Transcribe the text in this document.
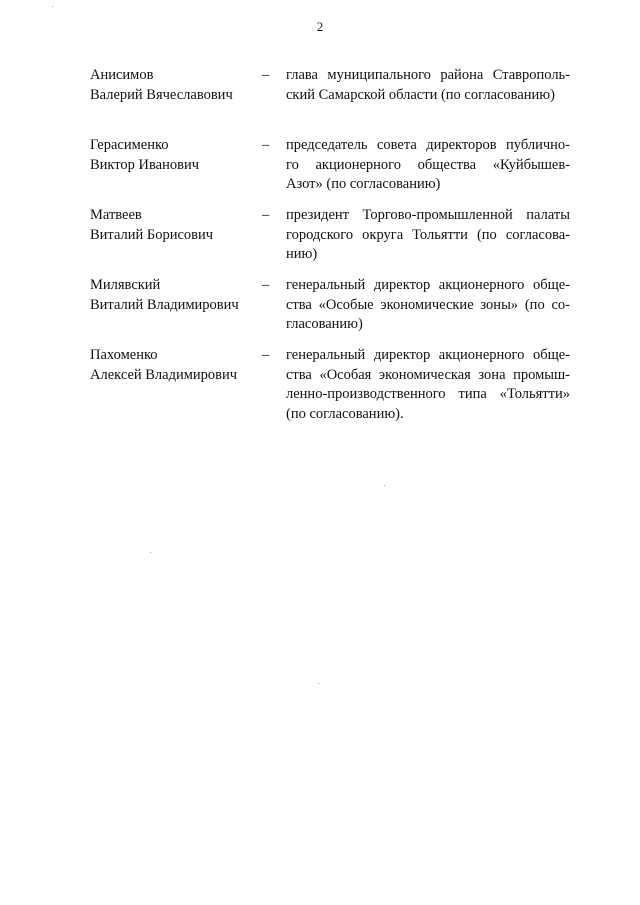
2
Анисимов
Валерий Вячеславович
– глава муниципального района Ставрополь-
ский Самарской области (по согласованию)
Герасименко
Виктор Иванович
– председатель совета директоров публично-
го акционерного общества «Куйбышев-
Азот» (по согласованию)
Матвеев
Виталий Борисович
– президент Торгово-промышленной палаты
городского округа Тольятти (по согласова-
нию)
Милявский
Виталий Владимирович
– генеральный директор акционерного обще-
ства «Особые экономические зоны» (по со-
гласованию)
Пахоменко
Алексей Владимирович
– генеральный директор акционерного обще-
ства «Особая экономическая зона промыш-
ленно-производственного типа «Тольятти»
(по согласованию).
